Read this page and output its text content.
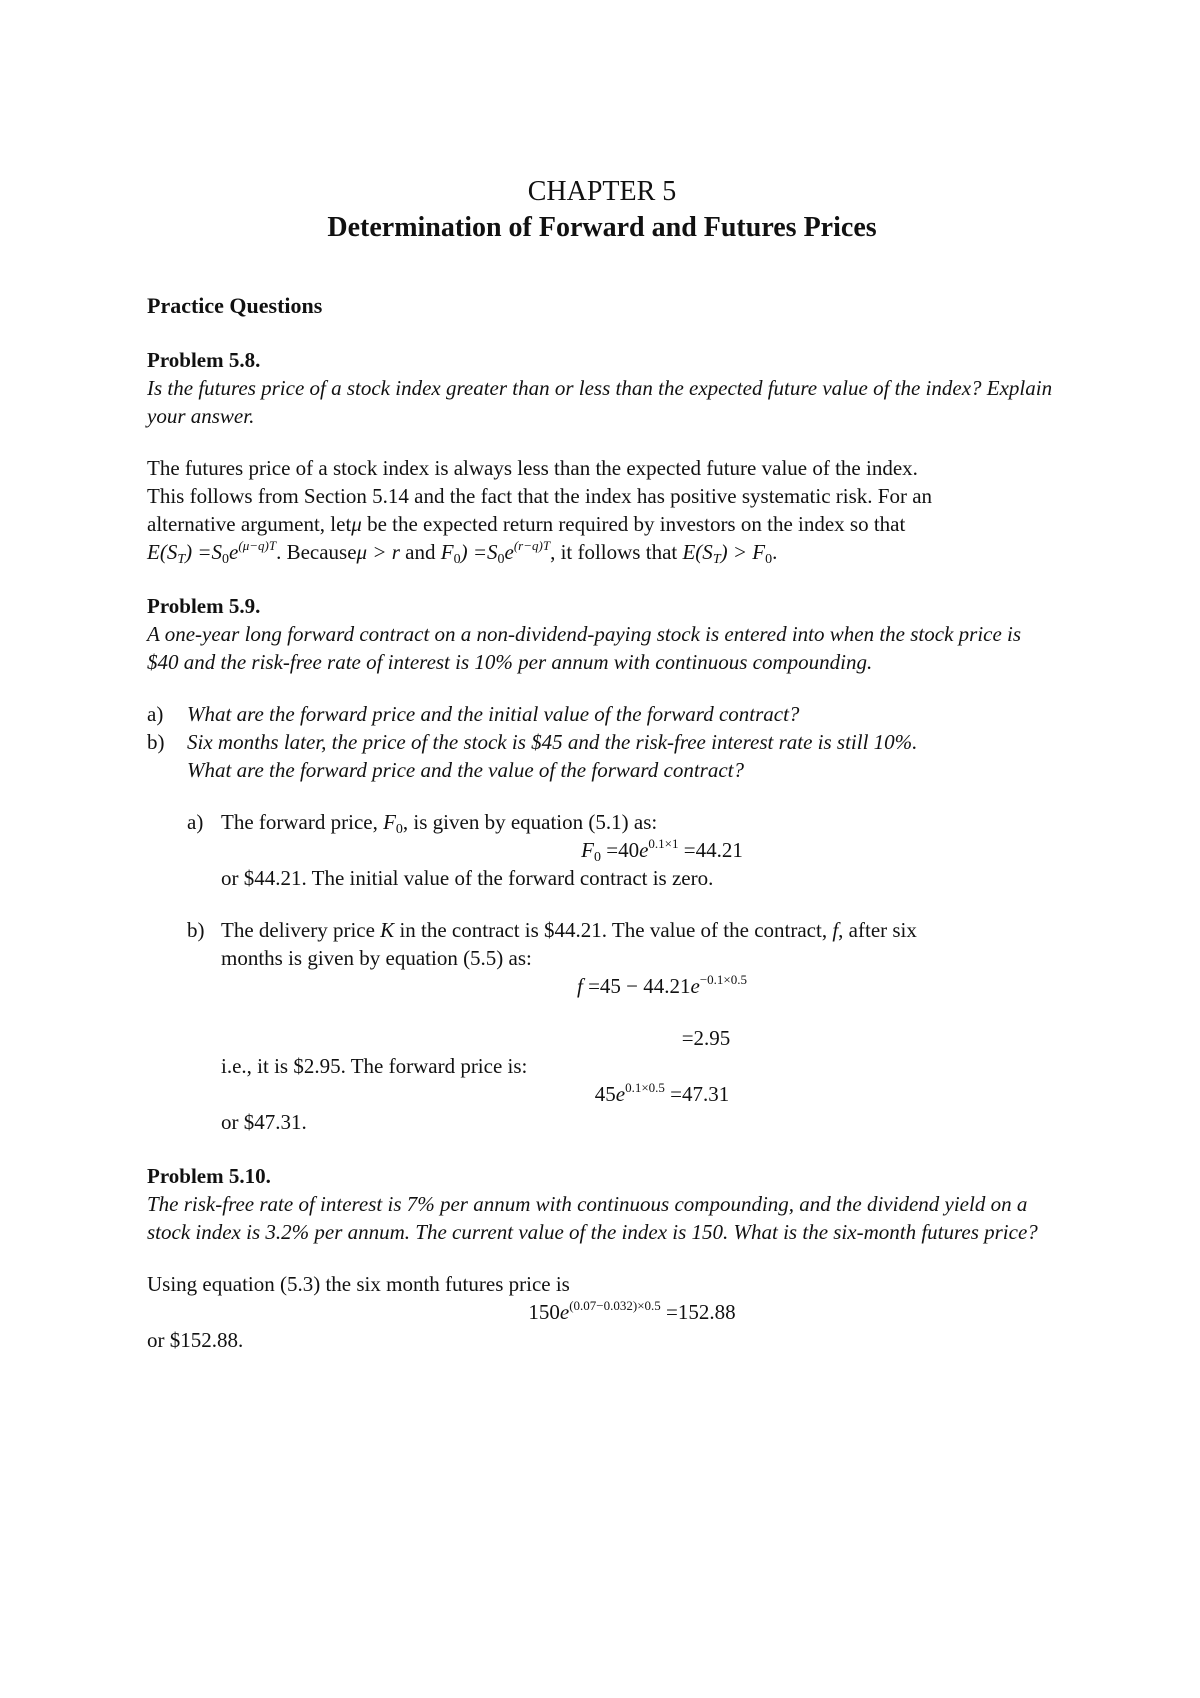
CHAPTER 5
Determination of Forward and Futures Prices
Practice Questions
Problem 5.8.
Is the futures price of a stock index greater than or less than the expected future value of the index? Explain your answer.
The futures price of a stock index is always less than the expected future value of the index.
This follows from Section 5.14 and the fact that the index has positive systematic risk. For an
alternative argument, letμ be the expected return required by investors on the index so that
$E(S_T) =S_0e^{(\mu-q)T}$. Becauseμ > r and $F_0) =S_0e^{(r-q)T}$, it follows that $E(S_T) > F_0$.
Problem 5.9.
A one-year long forward contract on a non-dividend-paying stock is entered into when the stock price is $40 and the risk-free rate of interest is 10% per annum with continuous compounding.
a)	What are the forward price and the initial value of the forward contract?
b)	Six months later, the price of the stock is $45 and the risk-free interest rate is still 10%.
What are the forward price and the value of the forward contract?
a) The forward price, $F_0$, is given by equation (5.1) as:
$F_0 =40e^{0.1\times 1} =44.21$
or $44.21. The initial value of the forward contract is zero.
b) The delivery price K in the contract is $44.21. The value of the contract, f, after six
months is given by equation (5.5) as:
$f =45 - 44.21e^{-0.1\times 0.5}$
=2.95
i.e., it is $2.95. The forward price is:
$45e^{0.1\times 0.5} =47.31$
or $47.31.
Problem 5.10.
The risk-free rate of interest is 7% per annum with continuous compounding, and the dividend yield on a stock index is 3.2% per annum. The current value of the index is 150. What is the six-month futures price?
Using equation (5.3) the six month futures price is
$150e^{(0.07-0.032)\times 0.5} =152.88$
or $152.88.
